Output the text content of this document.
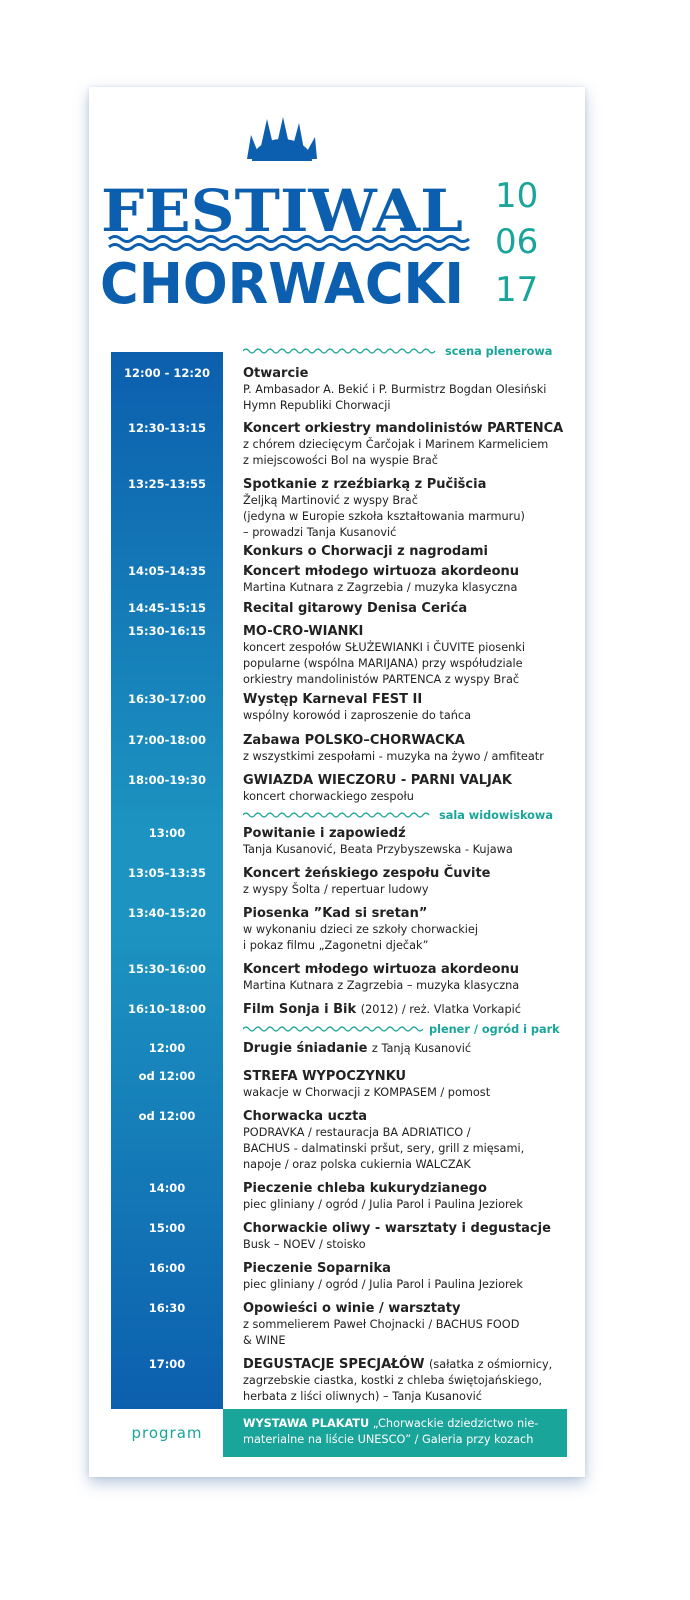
FESTIWAL
CHORWACKI
10
06
17
scena plenerowa
sala widowiskowa
plener / ogród i park
12:00 - 12:20	Otwarcie
P. Ambasador A. Bekić i P. Burmistrz Bogdan Olesiński
Hymn Republiki Chorwacji
12:30-13:15	Koncert orkiestry mandolinistów PARTENCA
z chórem dziecięcym Čarčojak i Marinem Karmeliciem
z miejscowości Bol na wyspie Brač
13:25-13:55	Spotkanie z rzeźbiarką z Pučišcia
Željką Martinović z wyspy Brač
(jedyna w Europie szkoła kształtowania marmuru)
– prowadzi Tanja Kusanović
Konkurs o Chorwacji z nagrodami
14:05-14:35	Koncert młodego wirtuoza akordeonu
Martina Kutnara z Zagrzebia / muzyka klasyczna
14:45-15:15	Recital gitarowy Denisa Cerića
15:30-16:15	MO-CRO-WIANKI
koncert zespołów SŁUŻEWIANKI i ČUVITE piosenki
popularne (wspólna MARIJANA) przy współudziale
orkiestry mandolinistów PARTENCA z wyspy Brač
16:30-17:00	Występ Karneval FEST II
wspólny korowód i zaproszenie do tańca
17:00-18:00	Zabawa POLSKO–CHORWACKA
z wszystkimi zespołami - muzyka na żywo / amfiteatr
18:00-19:30	GWIAZDA WIECZORU - PARNI VALJAK
koncert chorwackiego zespołu
13:00	Powitanie i zapowiedź
Tanja Kusanović, Beata Przybyszewska - Kujawa
13:05-13:35	Koncert żeńskiego zespołu Čuvite
z wyspy Šolta / repertuar ludowy
13:40-15:20	Piosenka ”Kad si sretan”
w wykonaniu dzieci ze szkoły chorwackiej
i pokaz filmu „Zagonetni dječak”
15:30-16:00	Koncert młodego wirtuoza akordeonu
Martina Kutnara z Zagrzebia – muzyka klasyczna
16:10-18:00	Film Sonja i Bik (2012) / reż. Vlatka Vorkapić
12:00	Drugie śniadanie z Tanją Kusanović
od 12:00	STREFA WYPOCZYNKU
wakacje w Chorwacji z KOMPASEM / pomost
od 12:00	Chorwacka uczta
PODRAVKA / restauracja BA ADRIATICO /
BACHUS - dalmatinski pršut, sery, grill z mięsami,
napoje / oraz polska cukiernia WALCZAK
14:00	Pieczenie chleba kukurydzianego
piec gliniany / ogród / Julia Parol i Paulina Jeziorek
15:00	Chorwackie oliwy - warsztaty i degustacje
Busk – NOEV / stoisko
16:00	Pieczenie Soparnika
piec gliniany / ogród / Julia Parol i Paulina Jeziorek
16:30	Opowieści o winie / warsztaty
z sommelierem Paweł Chojnacki / BACHUS FOOD
& WINE
17:00	DEGUSTACJE SPECJAŁÓW (sałatka z ośmiornicy,
zagrzebskie ciastka, kostki z chleba świętojańskiego,
herbata z liści oliwnych) – Tanja Kusanović
program
WYSTAWA PLAKATU „Chorwackie dziedzictwo nie-
materialne na liście UNESCO” / Galeria przy kozach
